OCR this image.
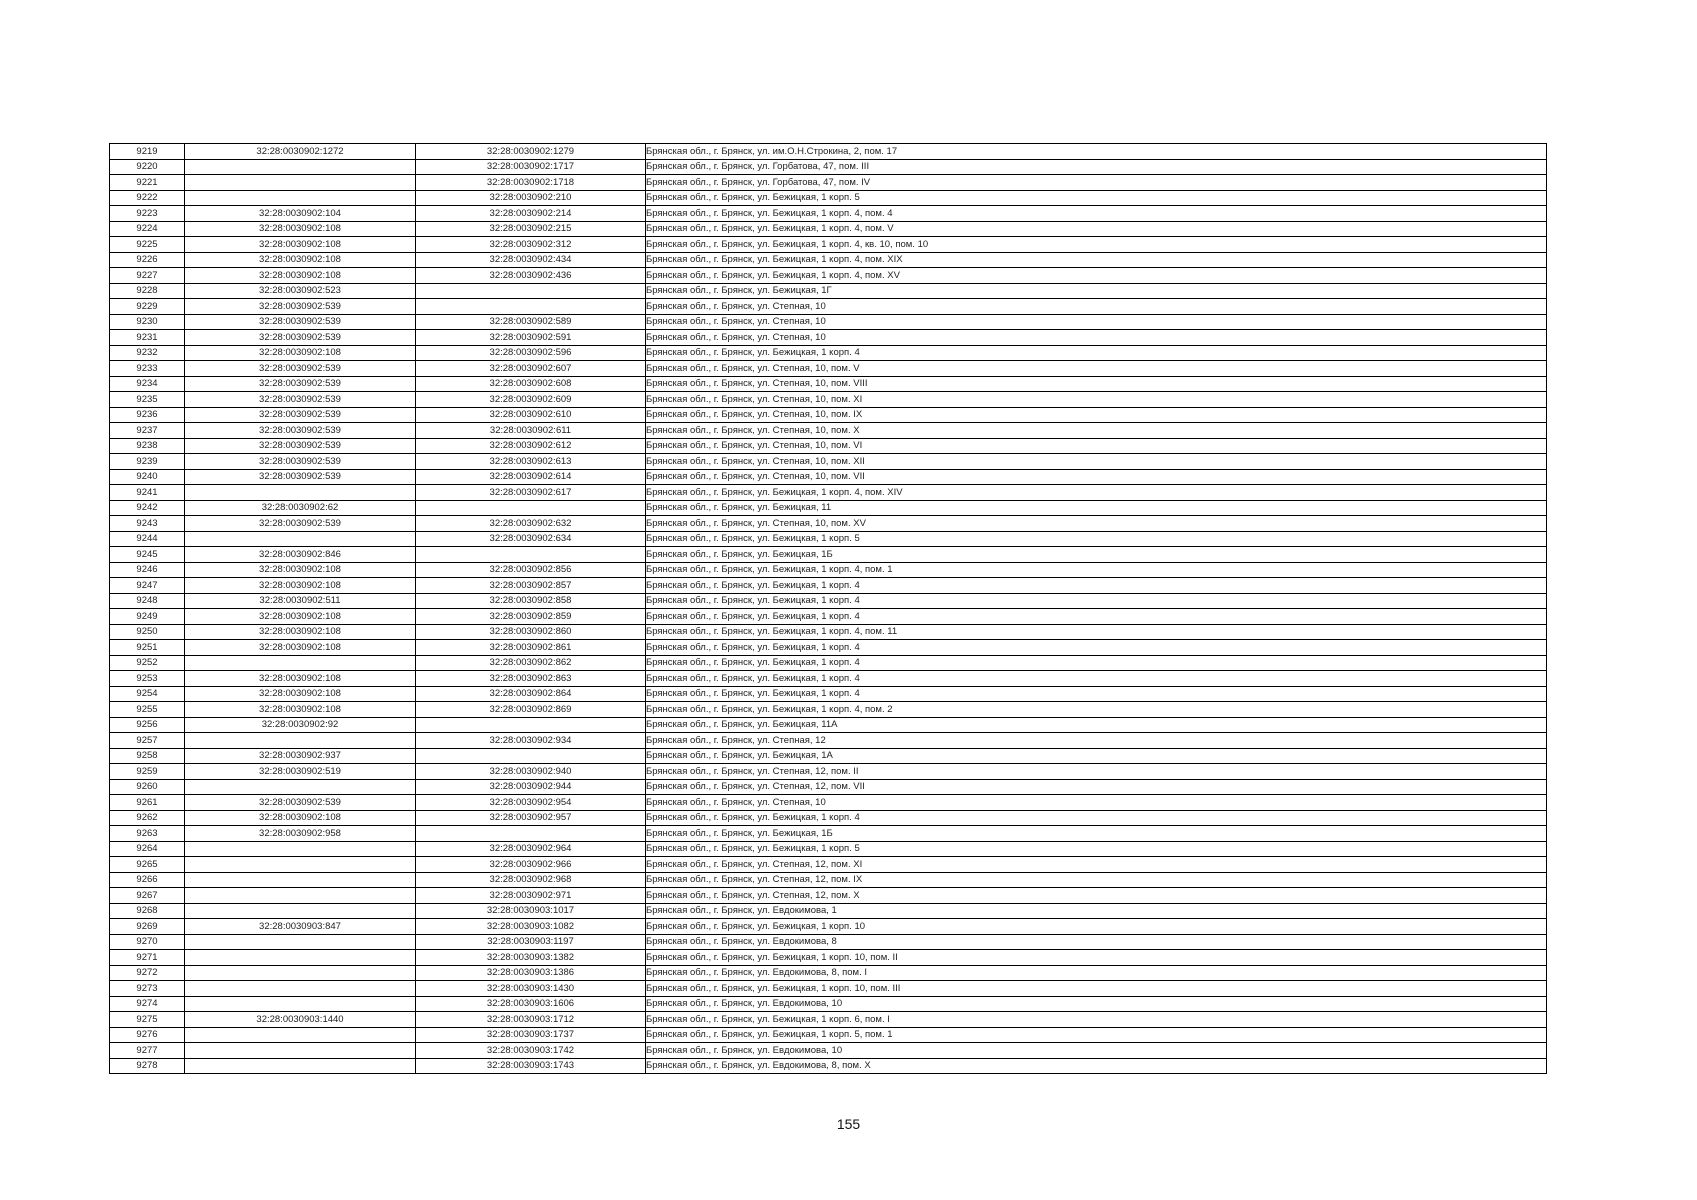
9219	32:28:0030902:1272	32:28:0030902:1279	Брянская обл., г. Брянск, ул. им.О.Н.Строкина, 2, пом. 17
9220		32:28:0030902:1717	Брянская обл., г. Брянск, ул. Горбатова, 47, пом. III
9221		32:28:0030902:1718	Брянская обл., г. Брянск, ул. Горбатова, 47, пом. IV
9222		32:28:0030902:210	Брянская обл., г. Брянск, ул. Бежицкая, 1 корп. 5
9223	32:28:0030902:104	32:28:0030902:214	Брянская обл., г. Брянск, ул. Бежицкая, 1 корп. 4, пом. 4
9224	32:28:0030902:108	32:28:0030902:215	Брянская обл., г. Брянск, ул. Бежицкая, 1 корп. 4, пом. V
9225	32:28:0030902:108	32:28:0030902:312	Брянская обл., г. Брянск, ул. Бежицкая, 1 корп. 4, кв. 10, пом. 10
9226	32:28:0030902:108	32:28:0030902:434	Брянская обл., г. Брянск, ул. Бежицкая, 1 корп. 4, пом. XIX
9227	32:28:0030902:108	32:28:0030902:436	Брянская обл., г. Брянск, ул. Бежицкая, 1 корп. 4, пом. XV
9228	32:28:0030902:523		Брянская обл., г. Брянск, ул. Бежицкая, 1Г
9229	32:28:0030902:539		Брянская обл., г. Брянск, ул. Степная, 10
9230	32:28:0030902:539	32:28:0030902:589	Брянская обл., г. Брянск, ул. Степная, 10
9231	32:28:0030902:539	32:28:0030902:591	Брянская обл., г. Брянск, ул. Степная, 10
9232	32:28:0030902:108	32:28:0030902:596	Брянская обл., г. Брянск, ул. Бежицкая, 1 корп. 4
9233	32:28:0030902:539	32:28:0030902:607	Брянская обл., г. Брянск, ул. Степная, 10, пом. V
9234	32:28:0030902:539	32:28:0030902:608	Брянская обл., г. Брянск, ул. Степная, 10, пом. VIII
9235	32:28:0030902:539	32:28:0030902:609	Брянская обл., г. Брянск, ул. Степная, 10, пом. XI
9236	32:28:0030902:539	32:28:0030902:610	Брянская обл., г. Брянск, ул. Степная, 10, пом. IX
9237	32:28:0030902:539	32:28:0030902:611	Брянская обл., г. Брянск, ул. Степная, 10, пом. X
9238	32:28:0030902:539	32:28:0030902:612	Брянская обл., г. Брянск, ул. Степная, 10, пом. VI
9239	32:28:0030902:539	32:28:0030902:613	Брянская обл., г. Брянск, ул. Степная, 10, пом. XII
9240	32:28:0030902:539	32:28:0030902:614	Брянская обл., г. Брянск, ул. Степная, 10, пом. VII
9241		32:28:0030902:617	Брянская обл., г. Брянск, ул. Бежицкая, 1 корп. 4, пом. XIV
9242	32:28:0030902:62		Брянская обл., г. Брянск, ул. Бежицкая, 11
9243	32:28:0030902:539	32:28:0030902:632	Брянская обл., г. Брянск, ул. Степная, 10, пом. XV
9244		32:28:0030902:634	Брянская обл., г. Брянск, ул. Бежицкая, 1 корп. 5
9245	32:28:0030902:846		Брянская обл., г. Брянск, ул. Бежицкая, 1Б
9246	32:28:0030902:108	32:28:0030902:856	Брянская обл., г. Брянск, ул. Бежицкая, 1 корп. 4, пом. 1
9247	32:28:0030902:108	32:28:0030902:857	Брянская обл., г. Брянск, ул. Бежицкая, 1 корп. 4
9248	32:28:0030902:511	32:28:0030902:858	Брянская обл., г. Брянск, ул. Бежицкая, 1 корп. 4
9249	32:28:0030902:108	32:28:0030902:859	Брянская обл., г. Брянск, ул. Бежицкая, 1 корп. 4
9250	32:28:0030902:108	32:28:0030902:860	Брянская обл., г. Брянск, ул. Бежицкая, 1 корп. 4, пом. 11
9251	32:28:0030902:108	32:28:0030902:861	Брянская обл., г. Брянск, ул. Бежицкая, 1 корп. 4
9252		32:28:0030902:862	Брянская обл., г. Брянск, ул. Бежицкая, 1 корп. 4
9253	32:28:0030902:108	32:28:0030902:863	Брянская обл., г. Брянск, ул. Бежицкая, 1 корп. 4
9254	32:28:0030902:108	32:28:0030902:864	Брянская обл., г. Брянск, ул. Бежицкая, 1 корп. 4
9255	32:28:0030902:108	32:28:0030902:869	Брянская обл., г. Брянск, ул. Бежицкая, 1 корп. 4, пом. 2
9256	32:28:0030902:92		Брянская обл., г. Брянск, ул. Бежицкая, 11А
9257		32:28:0030902:934	Брянская обл., г. Брянск, ул. Степная, 12
9258	32:28:0030902:937		Брянская обл., г. Брянск, ул. Бежицкая, 1А
9259	32:28:0030902:519	32:28:0030902:940	Брянская обл., г. Брянск, ул. Степная, 12, пом. II
9260		32:28:0030902:944	Брянская обл., г. Брянск, ул. Степная, 12, пом. VII
9261	32:28:0030902:539	32:28:0030902:954	Брянская обл., г. Брянск, ул. Степная, 10
9262	32:28:0030902:108	32:28:0030902:957	Брянская обл., г. Брянск, ул. Бежицкая, 1 корп. 4
9263	32:28:0030902:958		Брянская обл., г. Брянск, ул. Бежицкая, 1Б
9264		32:28:0030902:964	Брянская обл., г. Брянск, ул. Бежицкая, 1 корп. 5
9265		32:28:0030902:966	Брянская обл., г. Брянск, ул. Степная, 12, пом. XI
9266		32:28:0030902:968	Брянская обл., г. Брянск, ул. Степная, 12, пом. IX
9267		32:28:0030902:971	Брянская обл., г. Брянск, ул. Степная, 12, пом. X
9268		32:28:0030903:1017	Брянская обл., г. Брянск, ул. Евдокимова, 1
9269	32:28:0030903:847	32:28:0030903:1082	Брянская обл., г. Брянск, ул. Бежицкая, 1 корп. 10
9270		32:28:0030903:1197	Брянская обл., г. Брянск, ул. Евдокимова, 8
9271		32:28:0030903:1382	Брянская обл., г. Брянск, ул. Бежицкая, 1 корп. 10, пом. II
9272		32:28:0030903:1386	Брянская обл., г. Брянск, ул. Евдокимова, 8, пом. I
9273		32:28:0030903:1430	Брянская обл., г. Брянск, ул. Бежицкая, 1 корп. 10, пом. III
9274		32:28:0030903:1606	Брянская обл., г. Брянск, ул. Евдокимова, 10
9275	32:28:0030903:1440	32:28:0030903:1712	Брянская обл., г. Брянск, ул. Бежицкая, 1 корп. 6, пом. I
9276		32:28:0030903:1737	Брянская обл., г. Брянск, ул. Бежицкая, 1 корп. 5, пом. 1
9277		32:28:0030903:1742	Брянская обл., г. Брянск, ул. Евдокимова, 10
9278		32:28:0030903:1743	Брянская обл., г. Брянск, ул. Евдокимова, 8, пом. X
155
